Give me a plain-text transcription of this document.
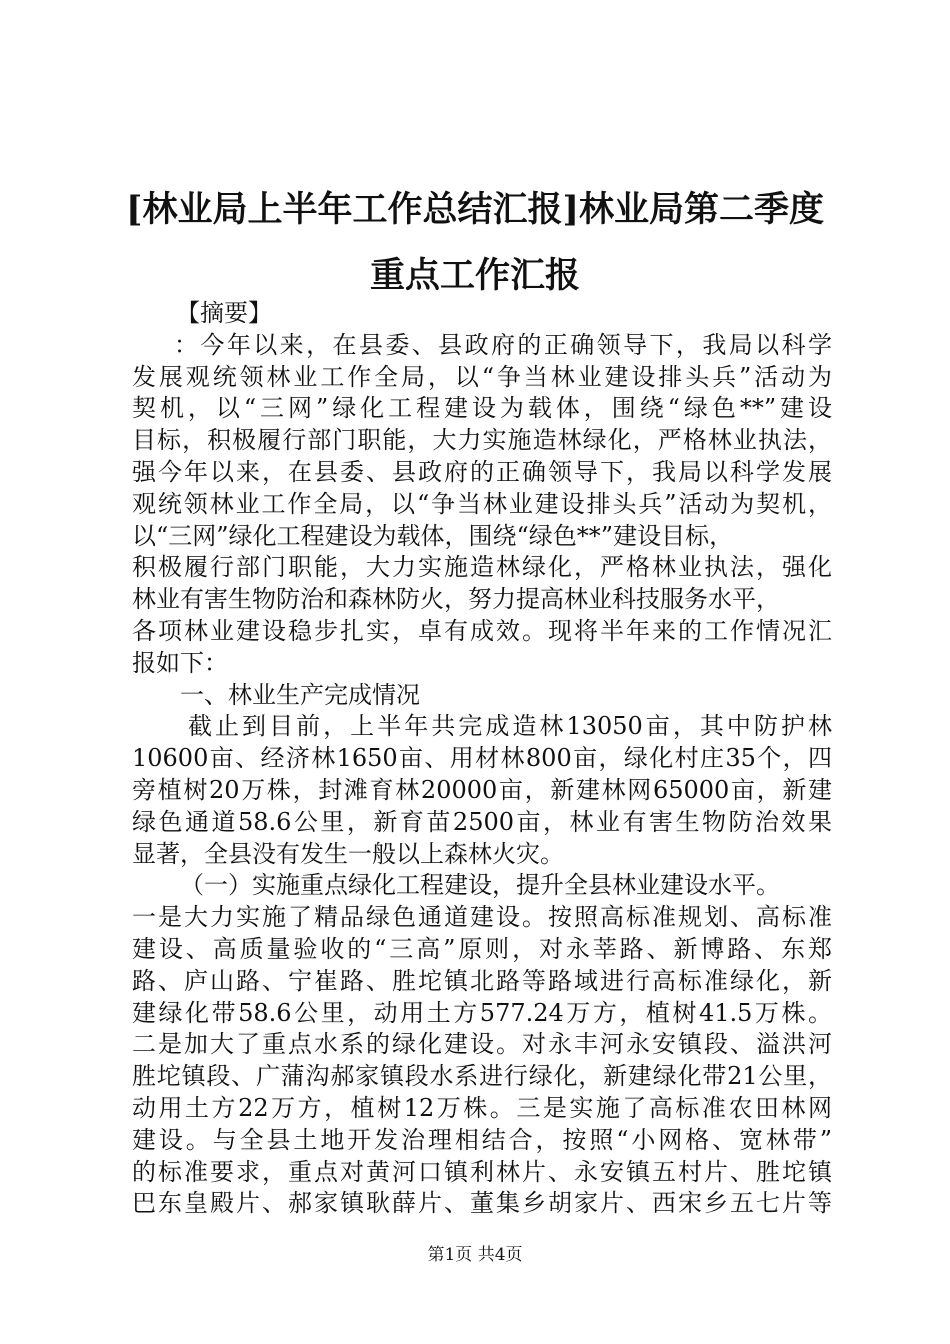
[林业局上半年工作总结汇报]林业局第二季度
重点工作汇报
【摘要】
：今年以来，在县委、县政府的正确领导下，我局以科学
发展观统领林业工作全局，以“争当林业建设排头兵”活动为
契机，以“三网”绿化工程建设为载体，围绕“绿色**”建设
目标，积极履行部门职能，大力实施造林绿化，严格林业执法，
强今年以来，在县委、县政府的正确领导下，我局以科学发展
观统领林业工作全局，以“争当林业建设排头兵”活动为契机，
以“三网”绿化工程建设为载体，围绕“绿色**”建设目标，
积极履行部门职能，大力实施造林绿化，严格林业执法，强化
林业有害生物防治和森林防火，努力提高林业科技服务水平，
各项林业建设稳步扎实，卓有成效。现将半年来的工作情况汇
报如下：
一、林业生产完成情况
截止到目前，上半年共完成造林13050亩，其中防护林
10600亩、经济林1650亩、用材林800亩，绿化村庄35个，四
旁植树20万株，封滩育林20000亩，新建林网65000亩，新建
绿色通道58.6公里，新育苗2500亩，林业有害生物防治效果
显著，全县没有发生一般以上森林火灾。
（一）实施重点绿化工程建设，提升全县林业建设水平。
一是大力实施了精品绿色通道建设。按照高标准规划、高标准
建设、高质量验收的“三高”原则，对永莘路、新博路、东郑
路、庐山路、宁崔路、胜坨镇北路等路域进行高标准绿化，新
建绿化带58.6公里，动用土方577.24万方，植树41.5万株。
二是加大了重点水系的绿化建设。对永丰河永安镇段、溢洪河
胜坨镇段、广蒲沟郝家镇段水系进行绿化，新建绿化带21公里，
动用土方22万方，植树12万株。三是实施了高标准农田林网
建设。与全县土地开发治理相结合，按照“小网格、宽林带”
的标准要求，重点对黄河口镇利林片、永安镇五村片、胜坨镇
巴东皇殿片、郝家镇耿薛片、董集乡胡家片、西宋乡五七片等
第1页 共4页
